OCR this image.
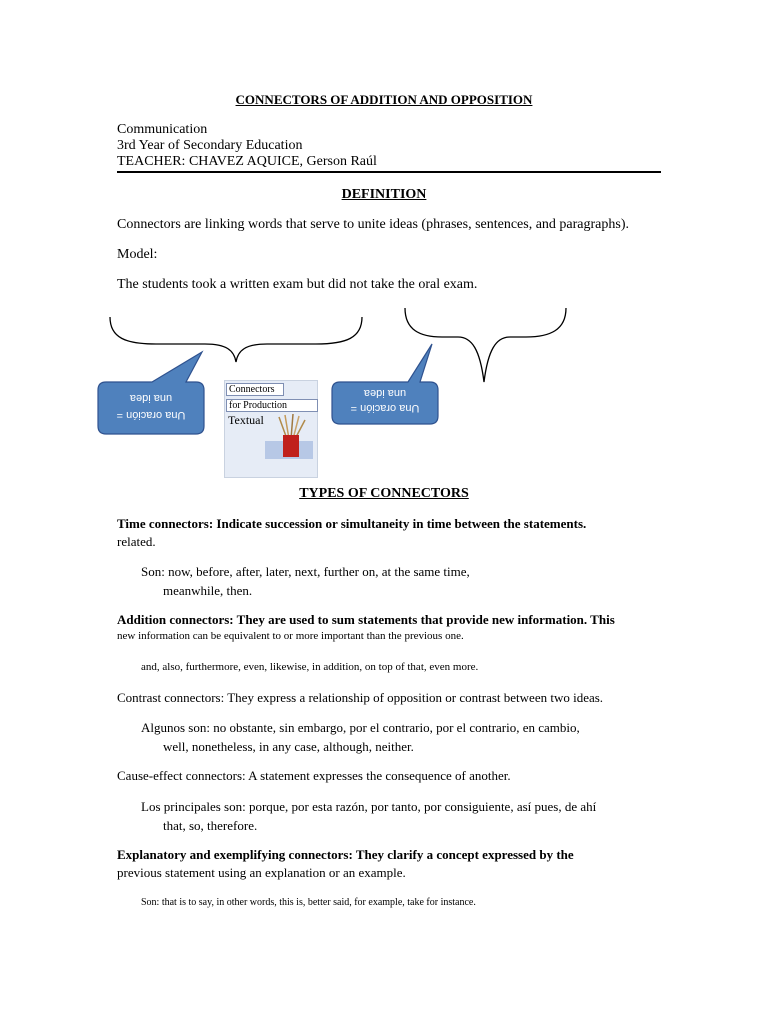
CONNECTORS OF ADDITION AND OPPOSITION
Communication
3rd Year of Secondary Education
TEACHER: CHAVEZ AQUICE, Gerson Raúl
DEFINITION
Connectors are linking words that serve to unite ideas (phrases, sentences, and paragraphs).
Model:
The students took a written exam but did not take the oral exam.
una idea
Una oración =
una idea
Una oración =
Connectors
for Production
Textual
TYPES OF CONNECTORS
Time connectors: Indicate succession or simultaneity in time between the statements.
related.
Son: now, before, after, later, next, further on, at the same time,
meanwhile, then.
Addition connectors: They are used to sum statements that provide new information. This
new information can be equivalent to or more important than the previous one.
and, also, furthermore, even, likewise, in addition, on top of that, even more.
Contrast connectors: They express a relationship of opposition or contrast between two ideas.
Algunos son: no obstante, sin embargo, por el contrario, por el contrario, en cambio,
well, nonetheless, in any case, although, neither.
Cause-effect connectors: A statement expresses the consequence of another.
Los principales son: porque, por esta razón, por tanto, por consiguiente, así pues, de ahí
that, so, therefore.
Explanatory and exemplifying connectors: They clarify a concept expressed by the
previous statement using an explanation or an example.
Son: that is to say, in other words, this is, better said, for example, take for instance.
